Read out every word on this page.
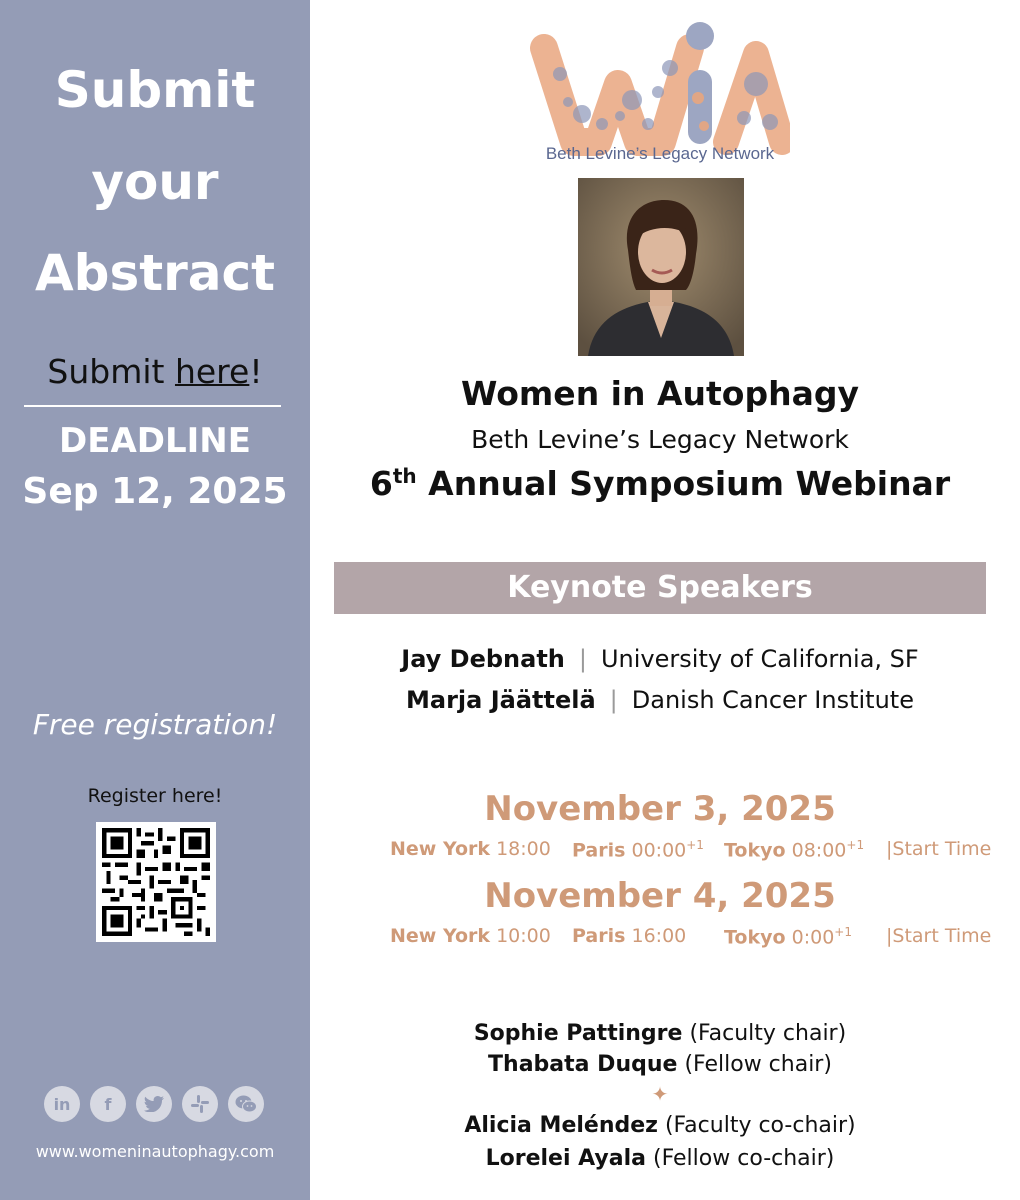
Submit
your
Abstract
Submit here!
DEADLINE
Sep 12, 2025
Free registration!
Register here!
in	f
www.womeninautophagy.com
Beth Levine’s Legacy Network
Women in Autophagy
Beth Levine’s Legacy Network
6th Annual Symposium Webinar
Keynote Speakers
Jay Debnath | University of California, SF
Marja Jäättelä | Danish Cancer Institute
November 3, 2025
New York 18:00 Paris $00:00^{+1}$ Tokyo $08:00^{+1}$ |Start Time
November 4, 2025
New York 10:00 Paris 16:00 Tokyo $0:00^{+1}$ |Start Time
Sophie Pattingre (Faculty chair)
Thabata Duque (Fellow chair)
✦
Alicia Meléndez (Faculty co-chair)
Lorelei Ayala (Fellow co-chair)
